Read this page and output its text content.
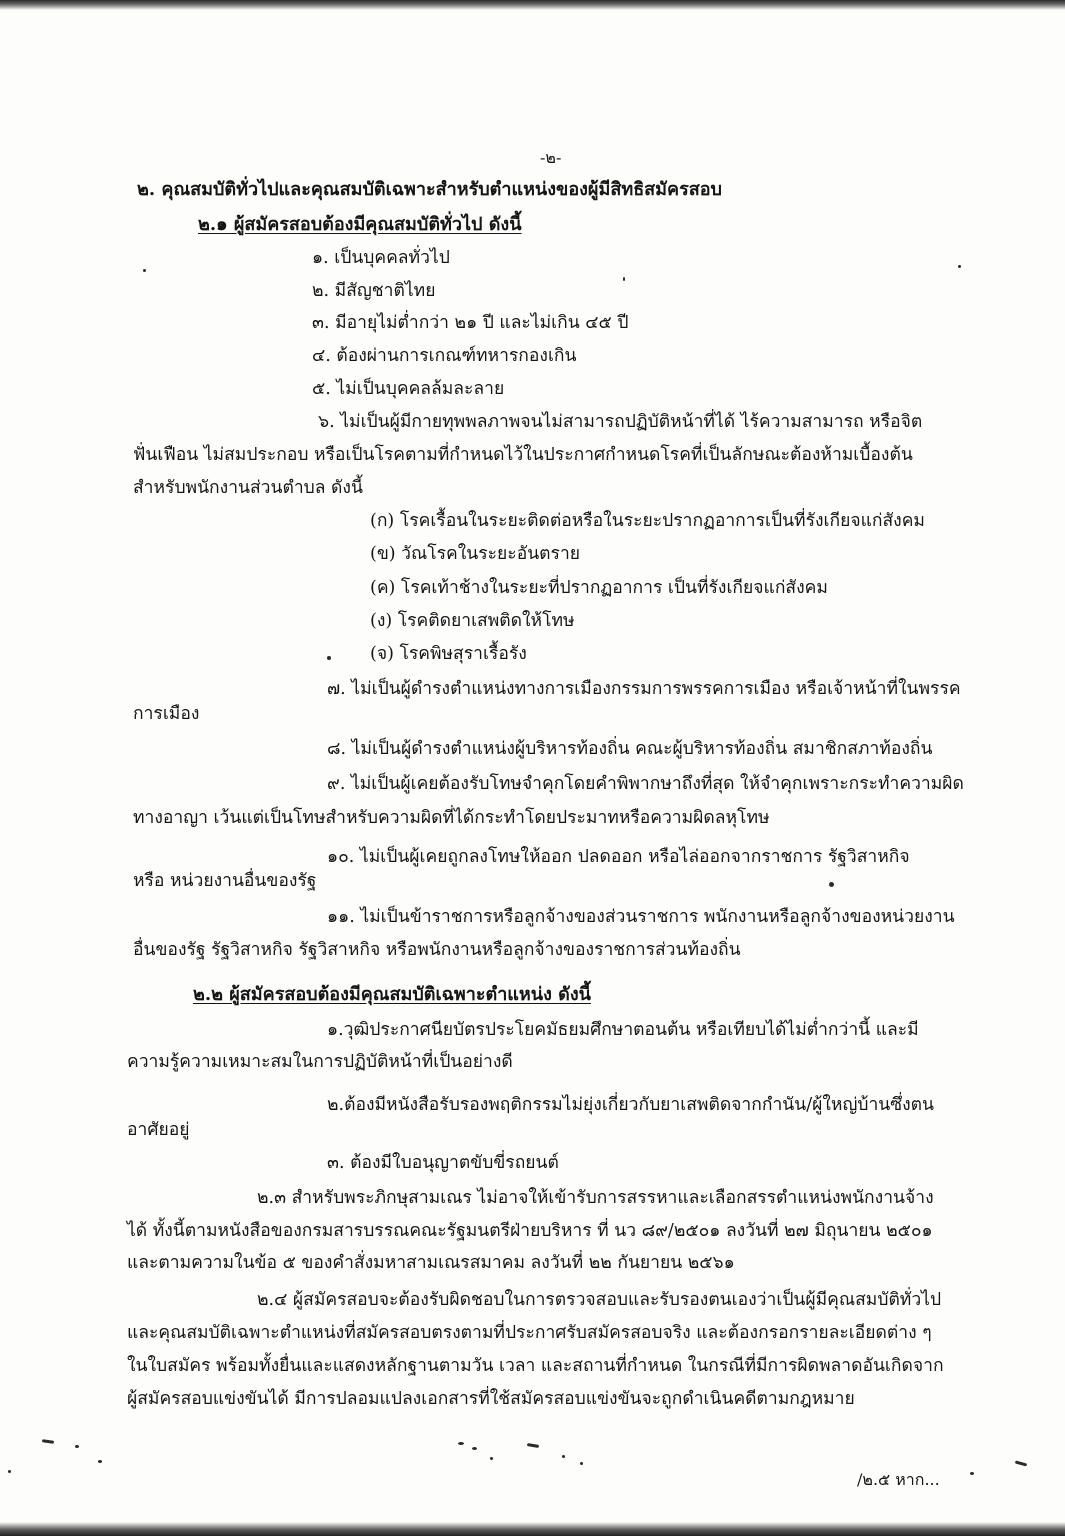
-๒-
๒. คุณสมบัติทั่วไปและคุณสมบัติเฉพาะสำหรับตำแหน่งของผู้มีสิทธิสมัครสอบ
๒.๑ ผู้สมัครสอบต้องมีคุณสมบัติทั่วไป ดังนี้
๑. เป็นบุคคลทั่วไป
๒. มีสัญชาติไทย
๓. มีอายุไม่ต่ำกว่า ๒๑ ปี และไม่เกิน ๔๕ ปี
๔. ต้องผ่านการเกณฑ์ทหารกองเกิน
๕. ไม่เป็นบุคคลล้มละลาย
๖. ไม่เป็นผู้มีกายทุพพลภาพจนไม่สามารถปฏิบัติหน้าที่ได้ ไร้ความสามารถ หรือจิต
ฟั่นเฟือน ไม่สมประกอบ หรือเป็นโรคตามที่กำหนดไว้ในประกาศกำหนดโรคที่เป็นลักษณะต้องห้ามเบื้องต้น
สำหรับพนักงานส่วนตำบล ดังนี้
(ก) โรคเรื้อนในระยะติดต่อหรือในระยะปรากฏอาการเป็นที่รังเกียจแก่สังคม
(ข) วัณโรคในระยะอันตราย
(ค) โรคเท้าช้างในระยะที่ปรากฏอาการ เป็นที่รังเกียจแก่สังคม
(ง) โรคติดยาเสพติดให้โทษ
(จ) โรคพิษสุราเรื้อรัง
๗. ไม่เป็นผู้ดำรงตำแหน่งทางการเมืองกรรมการพรรคการเมือง หรือเจ้าหน้าที่ในพรรค
การเมือง
๘. ไม่เป็นผู้ดำรงตำแหน่งผู้บริหารท้องถิ่น คณะผู้บริหารท้องถิ่น สมาชิกสภาท้องถิ่น
๙. ไม่เป็นผู้เคยต้องรับโทษจำคุกโดยคำพิพากษาถึงที่สุด ให้จำคุกเพราะกระทำความผิด
ทางอาญา เว้นแต่เป็นโทษสำหรับความผิดที่ได้กระทำโดยประมาทหรือความผิดลหุโทษ
๑๐. ไม่เป็นผู้เคยถูกลงโทษให้ออก ปลดออก หรือไล่ออกจากราชการ รัฐวิสาหกิจ
หรือ หน่วยงานอื่นของรัฐ
๑๑. ไม่เป็นข้าราชการหรือลูกจ้างของส่วนราชการ พนักงานหรือลูกจ้างของหน่วยงาน
อื่นของรัฐ รัฐวิสาหกิจ รัฐวิสาหกิจ หรือพนักงานหรือลูกจ้างของราชการส่วนท้องถิ่น
๒.๒ ผู้สมัครสอบต้องมีคุณสมบัติเฉพาะตำแหน่ง ดังนี้
๑.วุฒิประกาศนียบัตรประโยคมัธยมศึกษาตอนต้น หรือเทียบได้ไม่ต่ำกว่านี้ และมี
ความรู้ความเหมาะสมในการปฏิบัติหน้าที่เป็นอย่างดี
๒.ต้องมีหนังสือรับรองพฤติกรรมไม่ยุ่งเกี่ยวกับยาเสพติดจากกำนัน/ผู้ใหญ่บ้านซึ่งตน
อาศัยอยู่
๓. ต้องมีใบอนุญาตขับขี่รถยนต์
๒.๓ สำหรับพระภิกษุสามเณร ไม่อาจให้เข้ารับการสรรหาและเลือกสรรตำแหน่งพนักงานจ้าง
ได้ ทั้งนี้ตามหนังสือของกรมสารบรรณคณะรัฐมนตรีฝ่ายบริหาร ที่ นว ๘๙/๒๕๐๑ ลงวันที่ ๒๗ มิถุนายน ๒๕๐๑
และตามความในข้อ ๕ ของคำสั่งมหาสามเณรสมาคม ลงวันที่ ๒๒ กันยายน ๒๕๖๑
๒.๔ ผู้สมัครสอบจะต้องรับผิดชอบในการตรวจสอบและรับรองตนเองว่าเป็นผู้มีคุณสมบัติทั่วไป
และคุณสมบัติเฉพาะตำแหน่งที่สมัครสอบตรงตามที่ประกาศรับสมัครสอบจริง และต้องกรอกรายละเอียดต่าง ๆ
ในใบสมัคร พร้อมทั้งยื่นและแสดงหลักฐานตามวัน เวลา และสถานที่กำหนด ในกรณีที่มีการผิดพลาดอันเกิดจาก
ผู้สมัครสอบแข่งขันได้ มีการปลอมแปลงเอกสารที่ใช้สมัครสอบแข่งขันจะถูกดำเนินคดีตามกฎหมาย
/๒.๕ หาก...
